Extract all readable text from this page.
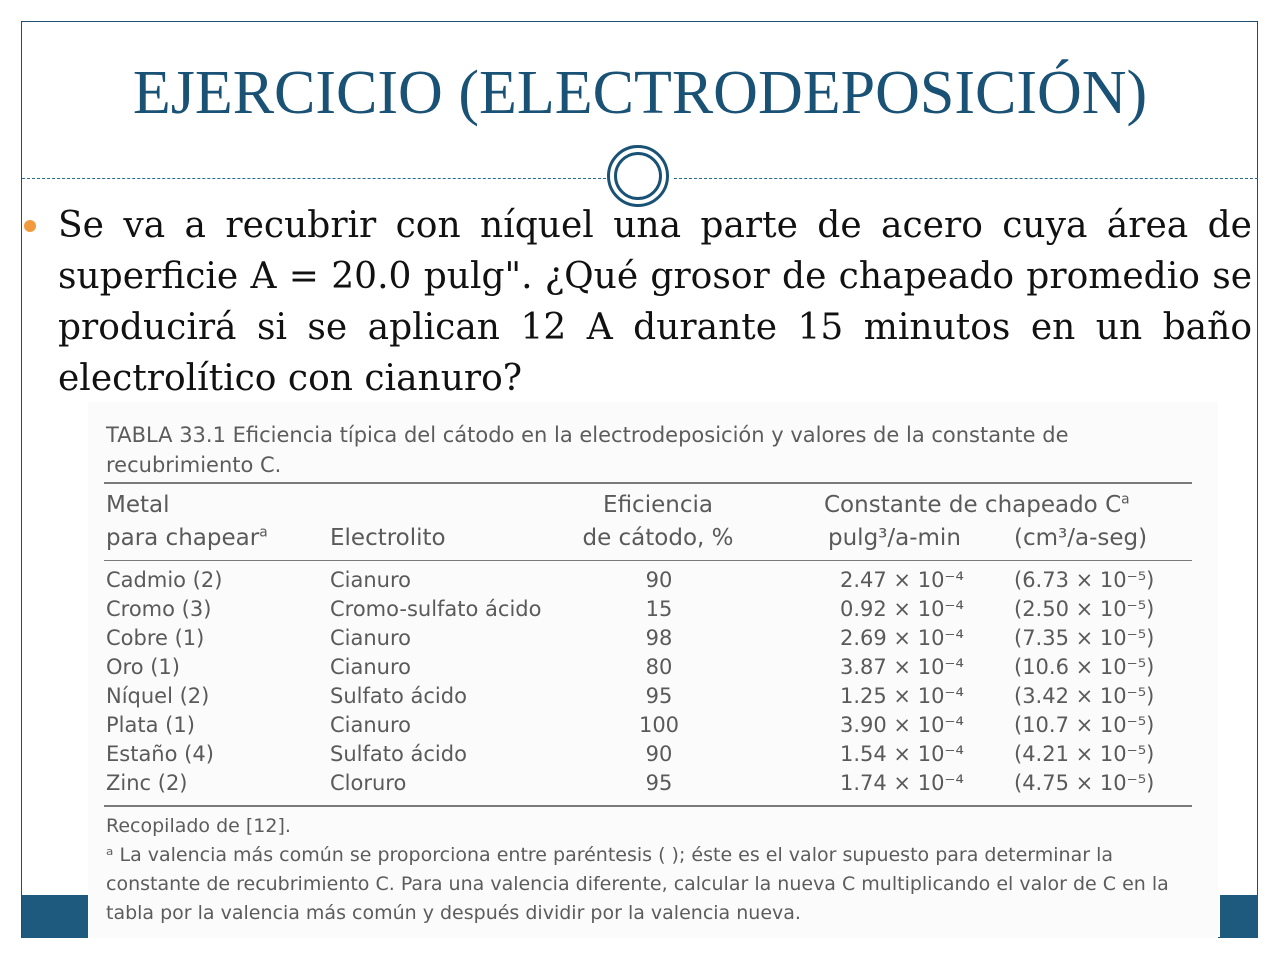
EJERCICIO (ELECTRODEPOSICIÓN)
Se va a recubrir con níquel una parte de acero cuya área de superficie A = 20.0 pulg". ¿Qué grosor de chapeado promedio se producirá si se aplican 12 A durante 15 minutos en un baño electrolítico con cianuro?
TABLA 33.1 Eficiencia típica del cátodo en la electrodeposición y valores de la constante de recubrimiento C.
Metal
para chapear$^a$	Electrolito
Eficiencia
de cátodo, %
Constante de chapeado $C^a$
pulg³/a-min (cm³/a-seg)
Cadmio (2)	Cianuro	90	2.47 × 10⁻⁴ (6.73 × 10⁻⁵)
Cromo (3)	Cromo-sulfato ácido	15	0.92 × 10⁻⁴ (2.50 × 10⁻⁵)
Cobre (1)	Cianuro	98	2.69 × 10⁻⁴ (7.35 × 10⁻⁵)
Oro (1)	Cianuro	80	3.87 × 10⁻⁴ (10.6 × 10⁻⁵)
Níquel (2)	Sulfato ácido	95	1.25 × 10⁻⁴ (3.42 × 10⁻⁵)
Plata (1)	Cianuro	100	3.90 × 10⁻⁴ (10.7 × 10⁻⁵)
Estaño (4)	Sulfato ácido	90	1.54 × 10⁻⁴ (4.21 × 10⁻⁵)
Zinc (2)	Cloruro	95	1.74 × 10⁻⁴ (4.75 × 10⁻⁵)
Recopilado de [12].
ᵃ La valencia más común se proporciona entre paréntesis ( ); éste es el valor supuesto para determinar la constante de recubrimiento C. Para una valencia diferente, calcular la nueva C multiplicando el valor de C en la tabla por la valencia más común y después dividir por la valencia nueva.
